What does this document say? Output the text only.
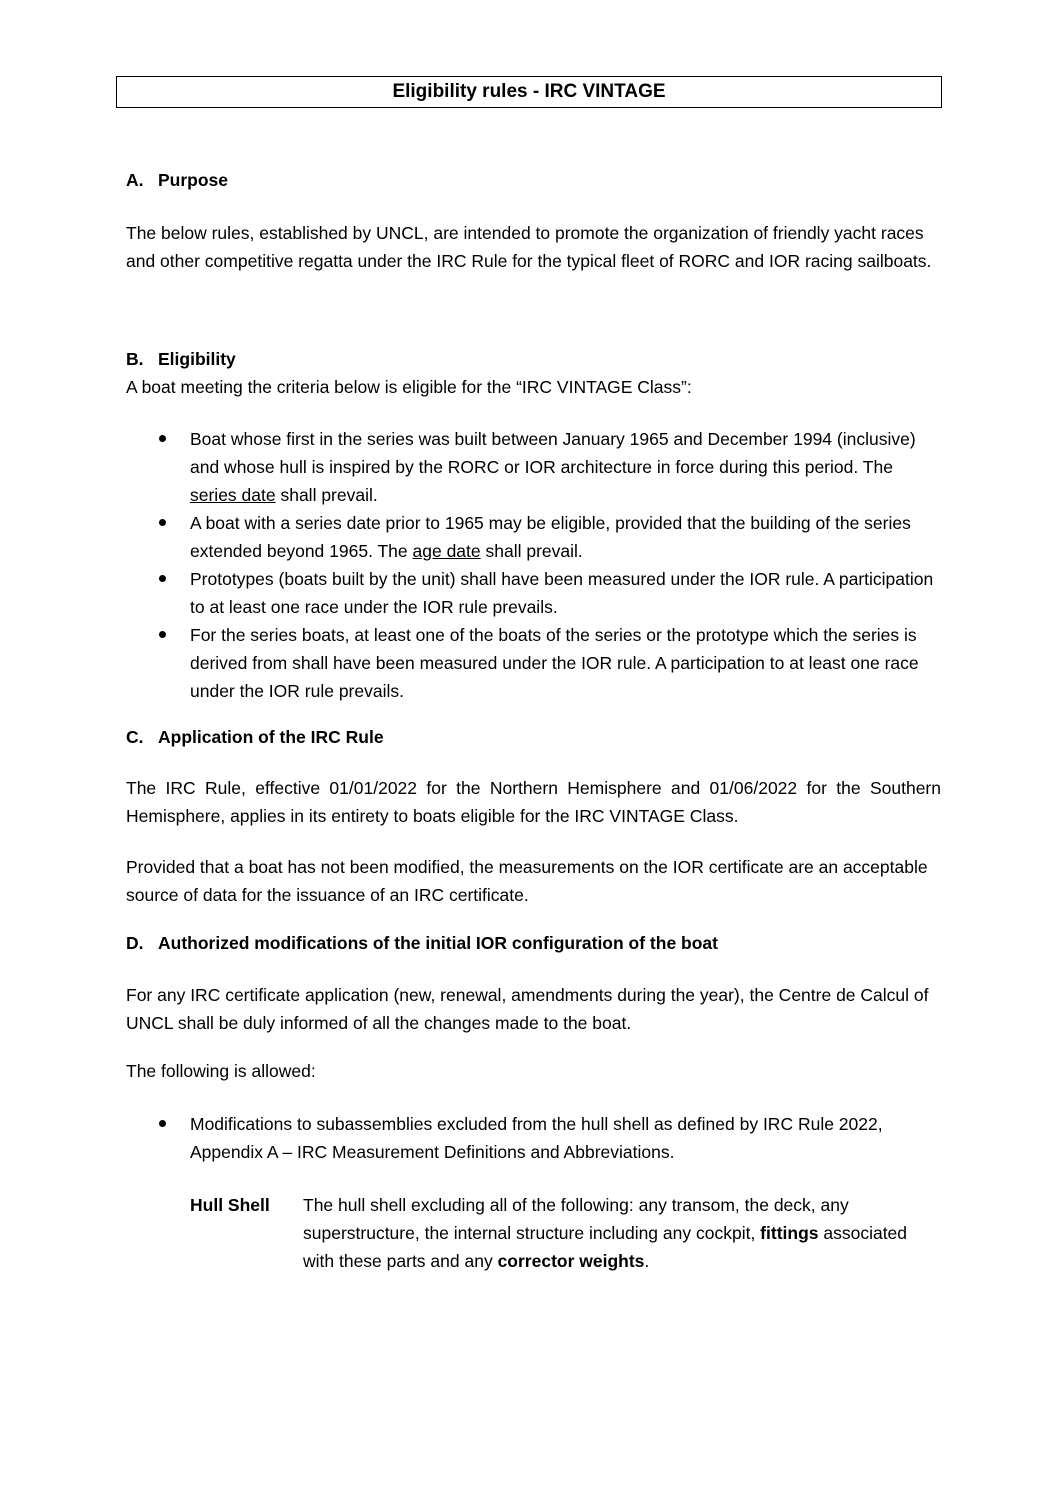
Eligibility rules - IRC VINTAGE
A. Purpose
The below rules, established by UNCL, are intended to promote the organization of friendly yacht races and other competitive regatta under the IRC Rule for the typical fleet of RORC and IOR racing sailboats.
B. Eligibility
A boat meeting the criteria below is eligible for the “IRC VINTAGE Class”:
Boat whose first in the series was built between January 1965 and December 1994 (inclusive) and whose hull is inspired by the RORC or IOR architecture in force during this period. The series date shall prevail.
A boat with a series date prior to 1965 may be eligible, provided that the building of the series extended beyond 1965. The age date shall prevail.
Prototypes (boats built by the unit) shall have been measured under the IOR rule. A participation to at least one race under the IOR rule prevails.
For the series boats, at least one of the boats of the series or the prototype which the series is derived from shall have been measured under the IOR rule. A participation to at least one race under the IOR rule prevails.
C. Application of the IRC Rule
The IRC Rule, effective 01/01/2022 for the Northern Hemisphere and 01/06/2022 for the Southern Hemisphere, applies in its entirety to boats eligible for the IRC VINTAGE Class.
Provided that a boat has not been modified, the measurements on the IOR certificate are an acceptable source of data for the issuance of an IRC certificate.
D. Authorized modifications of the initial IOR configuration of the boat
For any IRC certificate application (new, renewal, amendments during the year), the Centre de Calcul of UNCL shall be duly informed of all the changes made to the boat.
The following is allowed:
Modifications to subassemblies excluded from the hull shell as defined by IRC Rule 2022, Appendix A – IRC Measurement Definitions and Abbreviations.
Hull Shell The hull shell excluding all of the following: any transom, the deck, any superstructure, the internal structure including any cockpit, fittings associated with these parts and any corrector weights.
